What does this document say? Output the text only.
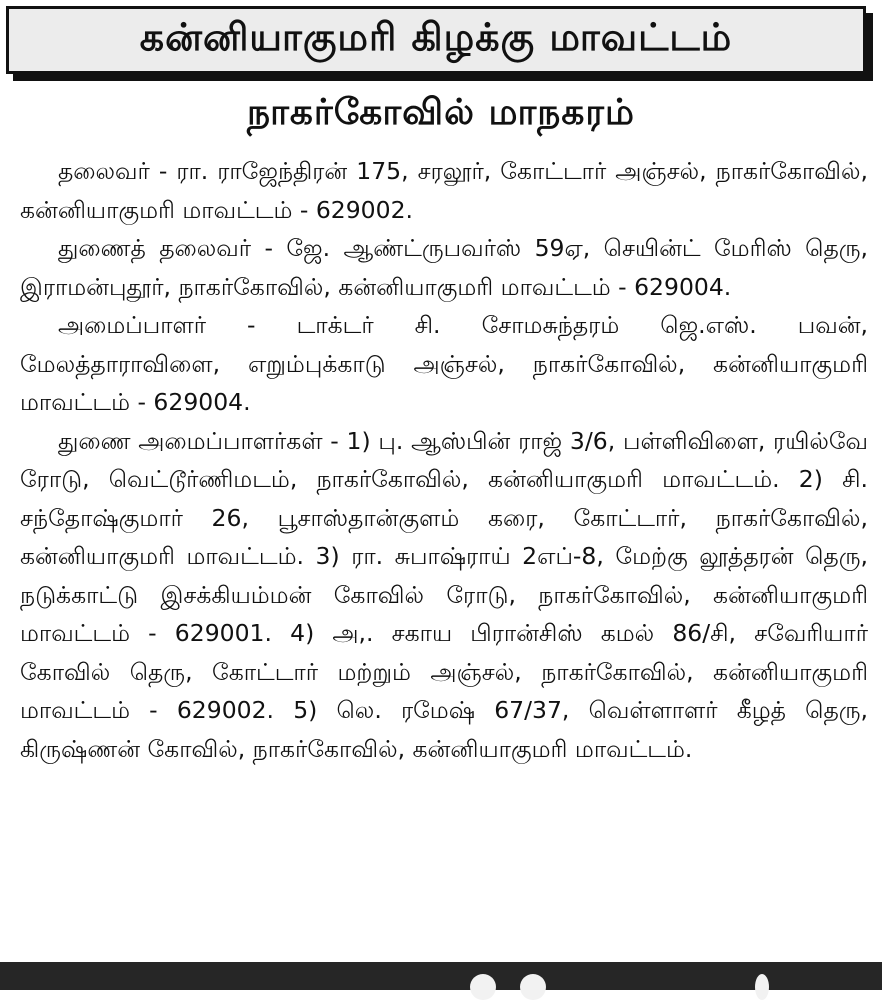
கன்னியாகுமரி கிழக்கு மாவட்டம்
நாகர்கோவில் மாநகரம்

தலைவர் - ரா. ராஜேந்திரன் 175, சரலூர், கோட்டார் அஞ்சல், நாகர்கோவில், கன்னியாகுமரி மாவட்டம் - 629002.

துணைத் தலைவர் - ஜே. ஆண்ட்ருபவர்ஸ் 59ஏ, செயின்ட் மேரிஸ் தெரு, இராமன்புதூர், நாகர்கோவில், கன்னியாகுமரி மாவட்டம் - 629004.

அமைப்பாளர் - டாக்டர் சி. சோமசுந்தரம் ஜெ.எஸ். பவன், மேலத்தாராவிளை, எறும்புக்காடு அஞ்சல், நாகர்கோவில், கன்னியாகுமரி மாவட்டம் - 629004.

துணை அமைப்பாளர்கள் - 1) பு. ஆஸ்பின் ராஜ் 3/6, பள்ளிவிளை, ரயில்வே ரோடு, வெட்டூர்ணிமடம், நாகர்கோவில், கன்னியாகுமரி மாவட்டம். 2) சி. சந்தோஷ்குமார் 26, பூசாஸ்தான்குளம் கரை, கோட்டார், நாகர்கோவில், கன்னியாகுமரி மாவட்டம். 3) ரா. சுபாஷ்ராய் 2எப்-8, மேற்கு லூத்தரன் தெரு, நடுக்காட்டு இசக்கியம்மன் கோவில் ரோடு, நாகர்கோவில், கன்னியாகுமரி மாவட்டம் - 629001. 4) அ,. சகாய பிரான்சிஸ் கமல் 86/சி, சவேரியார் கோவில் தெரு, கோட்டார் மற்றும் அஞ்சல், நாகர்கோவில், கன்னியாகுமரி மாவட்டம் - 629002. 5) லெ. ரமேஷ் 67/37, வெள்ளாளர் கீழத் தெரு, கிருஷ்ணன் கோவில், நாகர்கோவில், கன்னியாகுமரி மாவட்டம்.
